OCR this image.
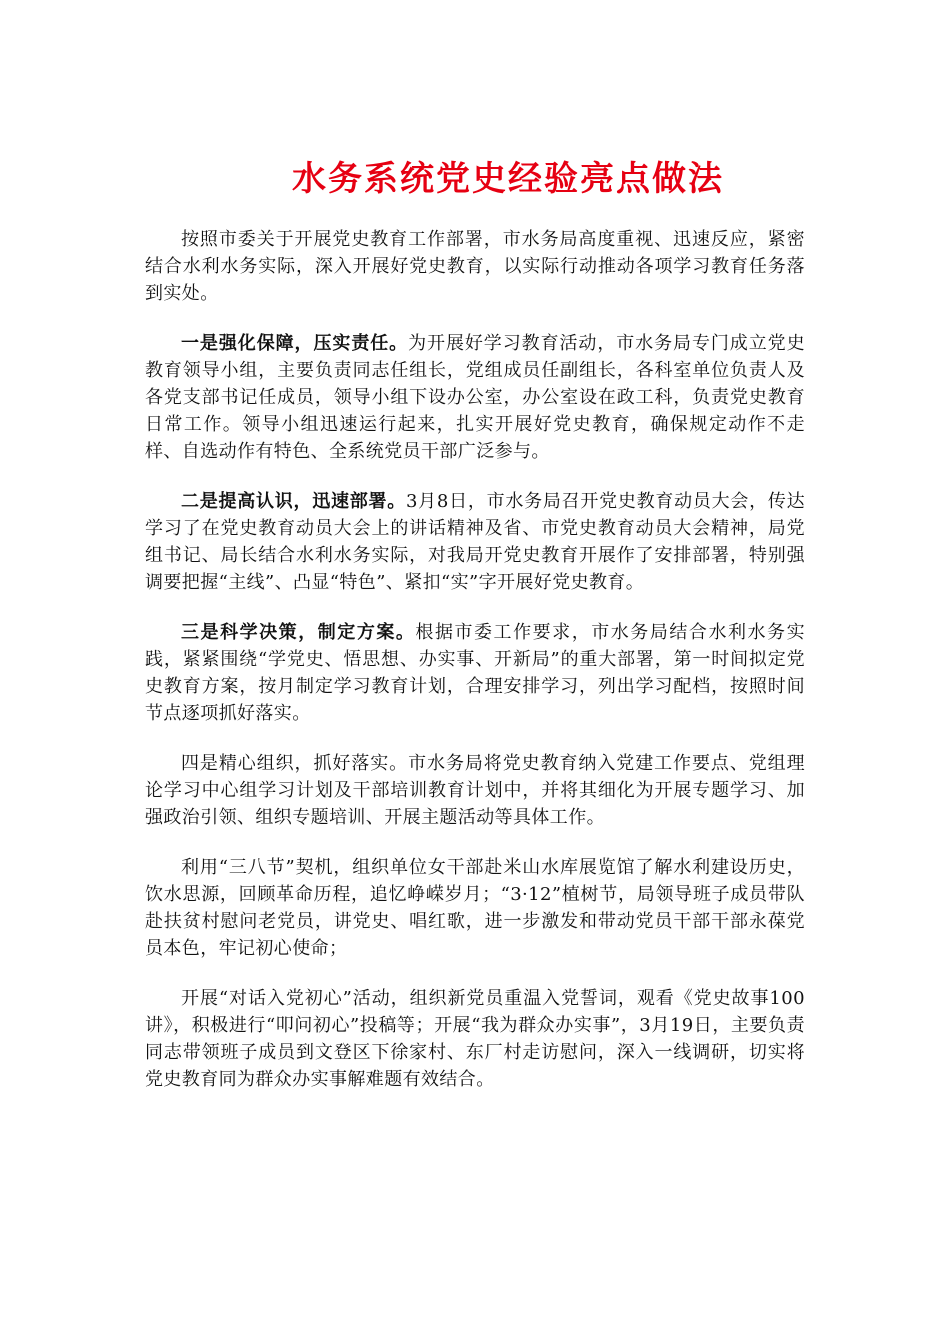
水务系统党史经验亮点做法

按照市委关于开展党史教育工作部署，市水务局高度重视、迅速反应，紧密结合水利水务实际，深入开展好党史教育，以实际行动推动各项学习教育任务落到实处。

一是强化保障，压实责任。为开展好学习教育活动，市水务局专门成立党史教育领导小组，主要负责同志任组长，党组成员任副组长，各科室单位负责人及各党支部书记任成员，领导小组下设办公室，办公室设在政工科，负责党史教育日常工作。领导小组迅速运行起来，扎实开展好党史教育，确保规定动作不走样、自选动作有特色、全系统党员干部广泛参与。

二是提高认识，迅速部署。3月8日，市水务局召开党史教育动员大会，传达学习了在党史教育动员大会上的讲话精神及省、市党史教育动员大会精神，局党组书记、局长结合水利水务实际，对我局开党史教育开展作了安排部署，特别强调要把握“主线”、凸显“特色”、紧扣“实”字开展好党史教育。

三是科学决策，制定方案。根据市委工作要求，市水务局结合水利水务实践，紧紧围绕“学党史、悟思想、办实事、开新局”的重大部署，第一时间拟定党史教育方案，按月制定学习教育计划，合理安排学习，列出学习配档，按照时间节点逐项抓好落实。

四是精心组织，抓好落实。市水务局将党史教育纳入党建工作要点、党组理论学习中心组学习计划及干部培训教育计划中，并将其细化为开展专题学习、加强政治引领、组织专题培训、开展主题活动等具体工作。

利用“三八节”契机，组织单位女干部赴米山水库展览馆了解水利建设历史，饮水思源，回顾革命历程，追忆峥嵘岁月；“3·12”植树节，局领导班子成员带队赴扶贫村慰问老党员，讲党史、唱红歌，进一步激发和带动党员干部干部永葆党员本色，牢记初心使命；

开展“对话入党初心”活动，组织新党员重温入党誓词，观看《党史故事100讲》，积极进行“叩问初心”投稿等；开展“我为群众办实事”，3月19日，主要负责同志带领班子成员到文登区下徐家村、东厂村走访慰问，深入一线调研，切实将党史教育同为群众办实事解难题有效结合。
